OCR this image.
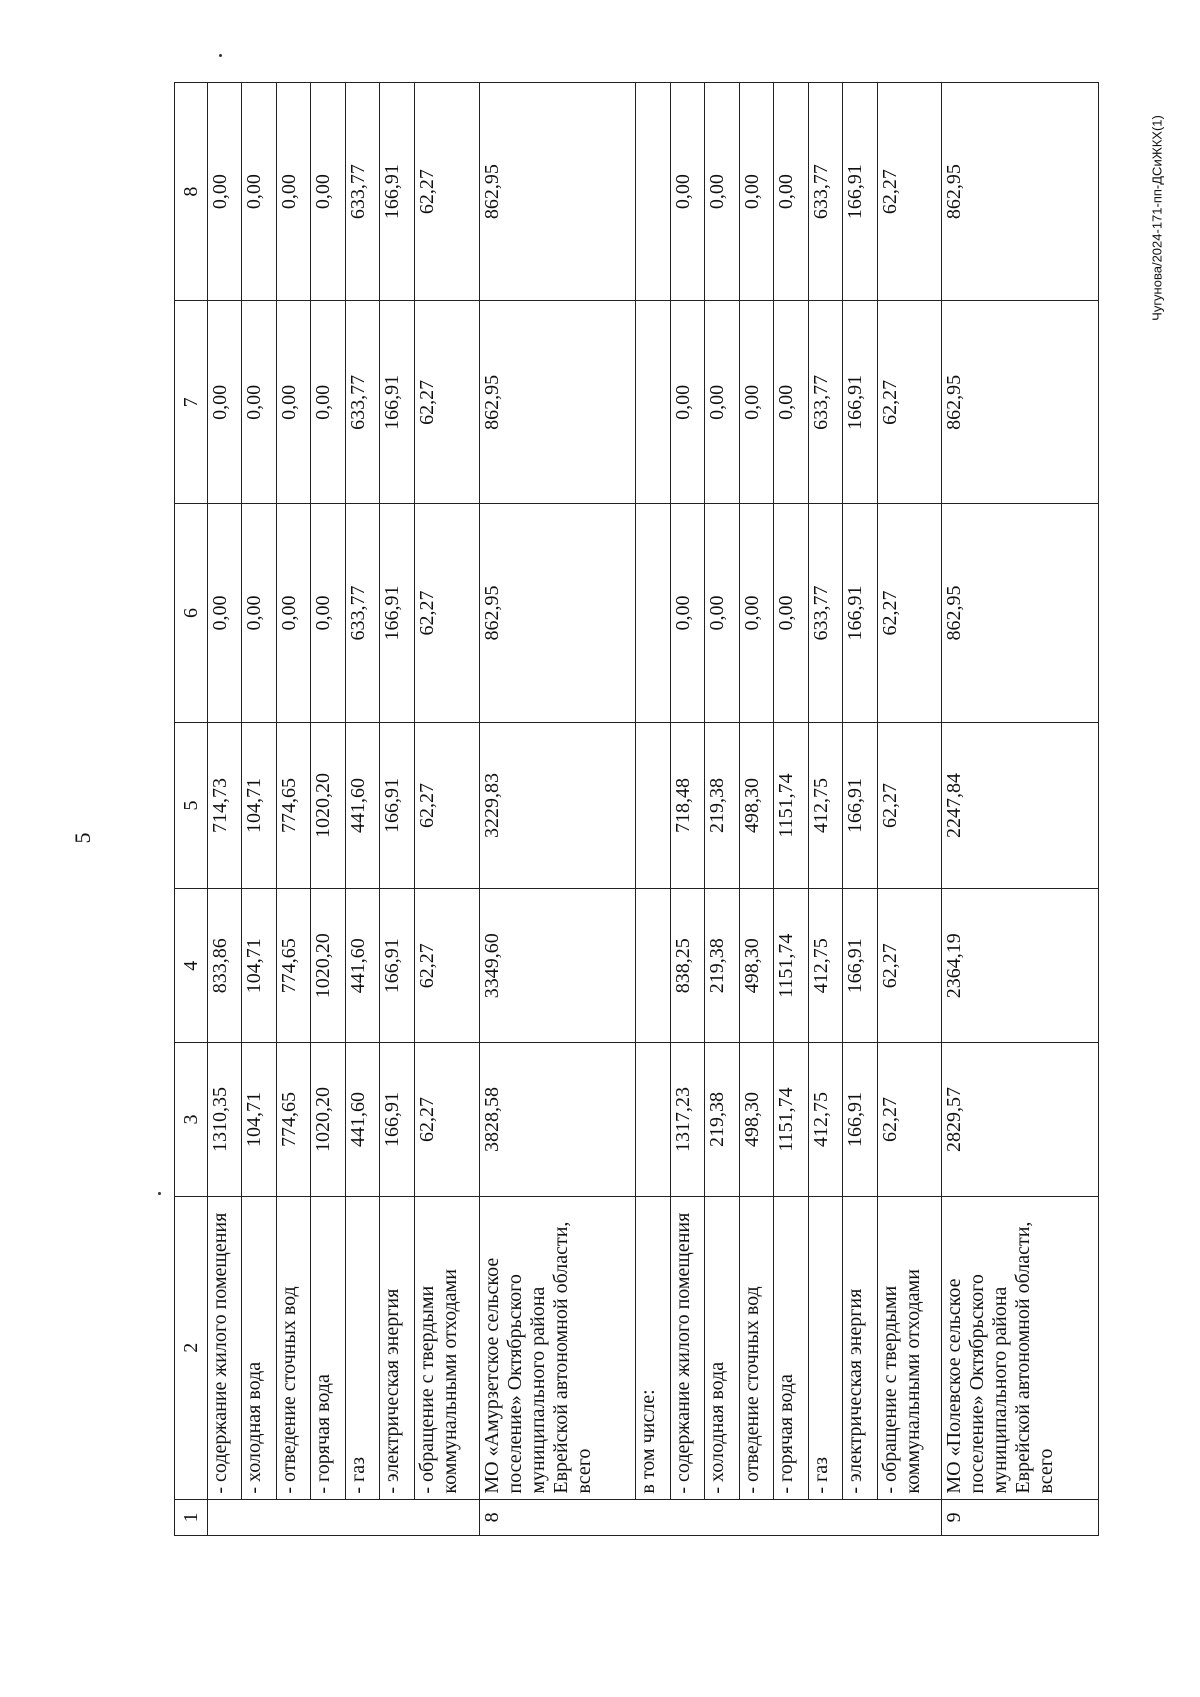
5
Чугунова/2024-171-пп-ДСиЖКХ(1)
1	2	3	4	5	6	7	8
	- содержание жилого помещения	1310,35	833,86	714,73	0,00	0,00	0,00
	- холодная вода	104,71	104,71	104,71	0,00	0,00	0,00
	- отведение сточных вод	774,65	774,65	774,65	0,00	0,00	0,00
	- горячая вода	1020,20	1020,20	1020,20	0,00	0,00	0,00
	- газ	441,60	441,60	441,60	633,77	633,77	633,77
	- электрическая энергия	166,91	166,91	166,91	166,91	166,91	166,91
	- обращение с твердыми коммунальными отходами	62,27	62,27	62,27	62,27	62,27	62,27
8	МО «Амурзетское сельское поселение» Октябрьского муниципального района Еврейской автономной области, всего	3828,58	3349,60	3229,83	862,95	862,95	862,95
	в том числе:						
	- содержание жилого помещения	1317,23	838,25	718,48	0,00	0,00	0,00
	- холодная вода	219,38	219,38	219,38	0,00	0,00	0,00
	- отведение сточных вод	498,30	498,30	498,30	0,00	0,00	0,00
	- горячая вода	1151,74	1151,74	1151,74	0,00	0,00	0,00
	- газ	412,75	412,75	412,75	633,77	633,77	633,77
	- электрическая энергия	166,91	166,91	166,91	166,91	166,91	166,91
	- обращение с твердыми коммунальными отходами	62,27	62,27	62,27	62,27	62,27	62,27
9	МО «Полевское сельское поселение» Октябрьского муниципального района Еврейской автономной области, всего	2829,57	2364,19	2247,84	862,95	862,95	862,95
